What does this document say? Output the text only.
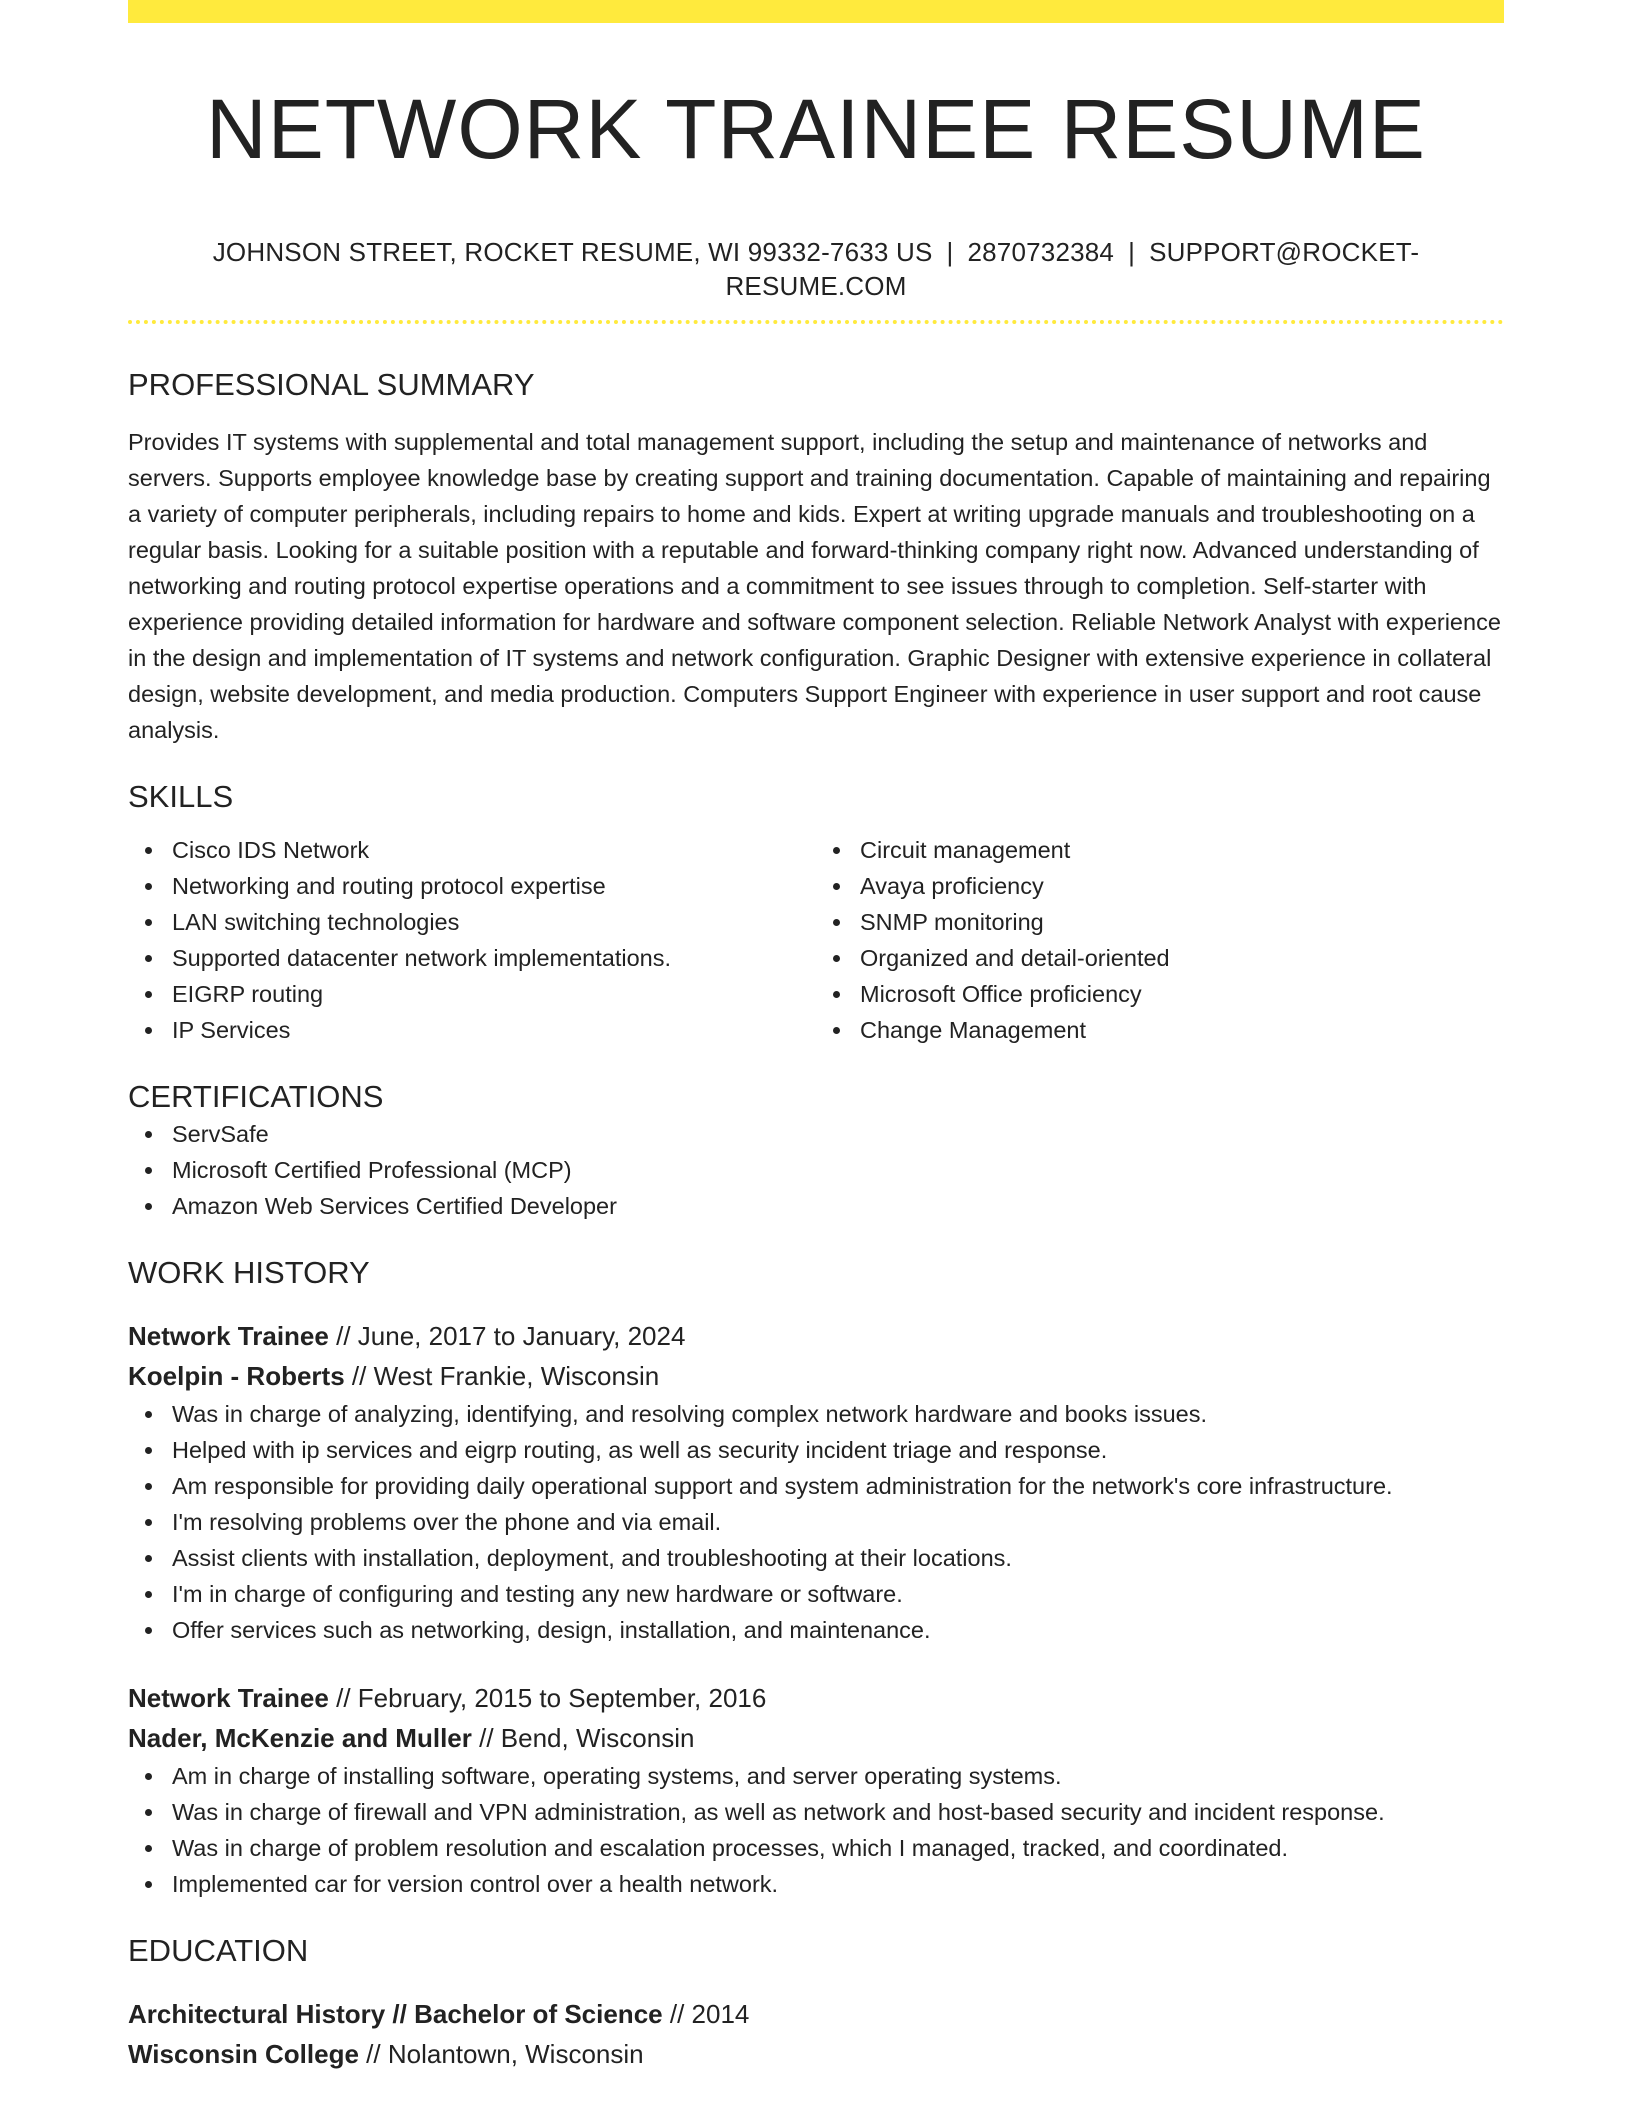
NETWORK TRAINEE RESUME
JOHNSON STREET, ROCKET RESUME, WI 99332-7633 US | 2870732384 | SUPPORT@ROCKET-RESUME.COM
PROFESSIONAL SUMMARY

Provides IT systems with supplemental and total management support, including the setup and maintenance of networks and servers. Supports employee knowledge base by creating support and training documentation. Capable of maintaining and repairing a variety of computer peripherals, including repairs to home and kids. Expert at writing upgrade manuals and troubleshooting on a regular basis. Looking for a suitable position with a reputable and forward-thinking company right now. Advanced understanding of networking and routing protocol expertise operations and a commitment to see issues through to completion. Self-starter with experience providing detailed information for hardware and software component selection. Reliable Network Analyst with experience in the design and implementation of IT systems and network configuration. Graphic Designer with extensive experience in collateral design, website development, and media production. Computers Support Engineer with experience in user support and root cause analysis.

SKILLS
Cisco IDS Network
Networking and routing protocol expertise
LAN switching technologies
Supported datacenter network implementations.
EIGRP routing
IP Services
Circuit management
Avaya proficiency
SNMP monitoring
Organized and detail-oriented
Microsoft Office proficiency
Change Management
CERTIFICATIONS
ServSafe
Microsoft Certified Professional (MCP)
Amazon Web Services Certified Developer
WORK HISTORY
Network Trainee // June, 2017 to January, 2024
Koelpin - Roberts // West Frankie, Wisconsin
Was in charge of analyzing, identifying, and resolving complex network hardware and books issues.
Helped with ip services and eigrp routing, as well as security incident triage and response.
Am responsible for providing daily operational support and system administration for the network's core infrastructure.
I'm resolving problems over the phone and via email.
Assist clients with installation, deployment, and troubleshooting at their locations.
I'm in charge of configuring and testing any new hardware or software.
Offer services such as networking, design, installation, and maintenance.
Network Trainee // February, 2015 to September, 2016
Nader, McKenzie and Muller // Bend, Wisconsin
Am in charge of installing software, operating systems, and server operating systems.
Was in charge of firewall and VPN administration, as well as network and host-based security and incident response.
Was in charge of problem resolution and escalation processes, which I managed, tracked, and coordinated.
Implemented car for version control over a health network.
EDUCATION
Architectural History // Bachelor of Science // 2014
Wisconsin College // Nolantown, Wisconsin
